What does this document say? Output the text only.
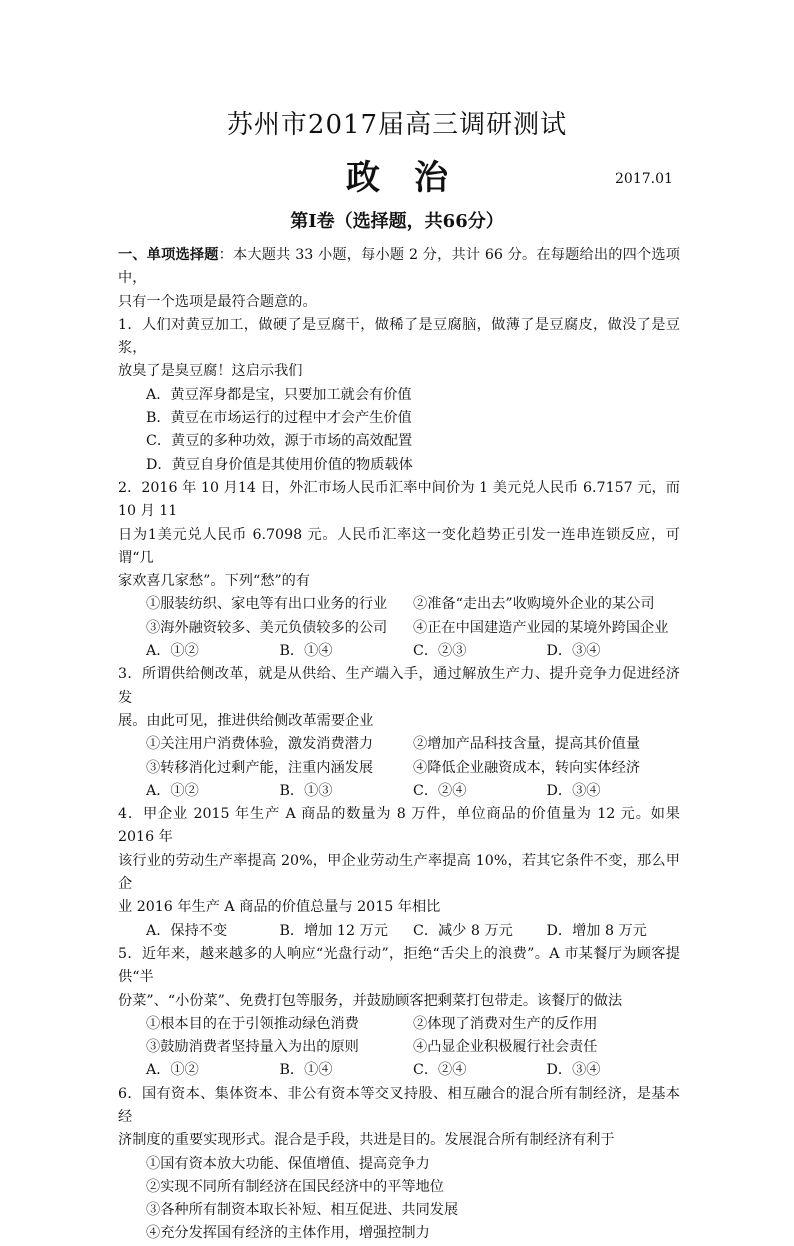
苏州市2017届高三调研测试
政治	2017.01
第Ⅰ卷（选择题，共66分）

一、单项选择题：本大题共 33 小题，每小题 2 分，共计 66 分。在每题给出的四个选项中，

只有一个选项是最符合题意的。

1．人们对黄豆加工，做硬了是豆腐干，做稀了是豆腐脑，做薄了是豆腐皮，做没了是豆浆，

放臭了是臭豆腐！这启示我们

A．黄豆浑身都是宝，只要加工就会有价值

B．黄豆在市场运行的过程中才会产生价值

C．黄豆的多种功效，源于市场的高效配置

D．黄豆自身价值是其使用价值的物质载体

2．2016 年 10 月14 日，外汇市场人民币汇率中间价为 1 美元兑人民币 6.7157 元，而 10 月 11

日为1美元兑人民币 6.7098 元。人民币汇率这一变化趋势正引发一连串连锁反应，可谓“几

家欢喜几家愁”。下列“愁”的有

①服装纺织、家电等有出口业务的行业	②准备“走出去”收购境外企业的某公司
③海外融资较多、美元负债较多的公司	④正在中国建造产业园的某境外跨国企业
A．①②	B．①④	C．②③	D．③④

3．所谓供给侧改革，就是从供给、生产端入手，通过解放生产力、提升竞争力促进经济发

展。由此可见，推进供给侧改革需要企业

①关注用户消费体验，激发消费潜力	②增加产品科技含量，提高其价值量
③转移消化过剩产能，注重内涵发展	④降低企业融资成本，转向实体经济
A．①②	B．①③	C．②④	D．③④

4．甲企业 2015 年生产 A 商品的数量为 8 万件，单位商品的价值量为 12 元。如果 2016 年

该行业的劳动生产率提高 20%，甲企业劳动生产率提高 10%，若其它条件不变，那么甲企

业 2016 年生产 A 商品的价值总量与 2015 年相比

A．保持不变	B．增加 12 万元	C．减少 8 万元	D．增加 8 万元

5．近年来，越来越多的人响应“光盘行动”，拒绝“舌尖上的浪费”。A 市某餐厅为顾客提供“半

份菜”、“小份菜”、免费打包等服务，并鼓励顾客把剩菜打包带走。该餐厅的做法

①根本目的在于引领推动绿色消费	②体现了消费对生产的反作用
③鼓励消费者坚持量入为出的原则	④凸显企业积极履行社会责任
A．①②	B．①④	C．②④	D．③④

6．国有资本、集体资本、非公有资本等交叉持股、相互融合的混合所有制经济，是基本经

济制度的重要实现形式。混合是手段，共进是目的。发展混合所有制经济有利于

①国有资本放大功能、保值增值、提高竞争力

②实现不同所有制经济在国民经济中的平等地位

③各种所有制资本取长补短、相互促进、共同发展

④充分发挥国有经济的主体作用，增强控制力
